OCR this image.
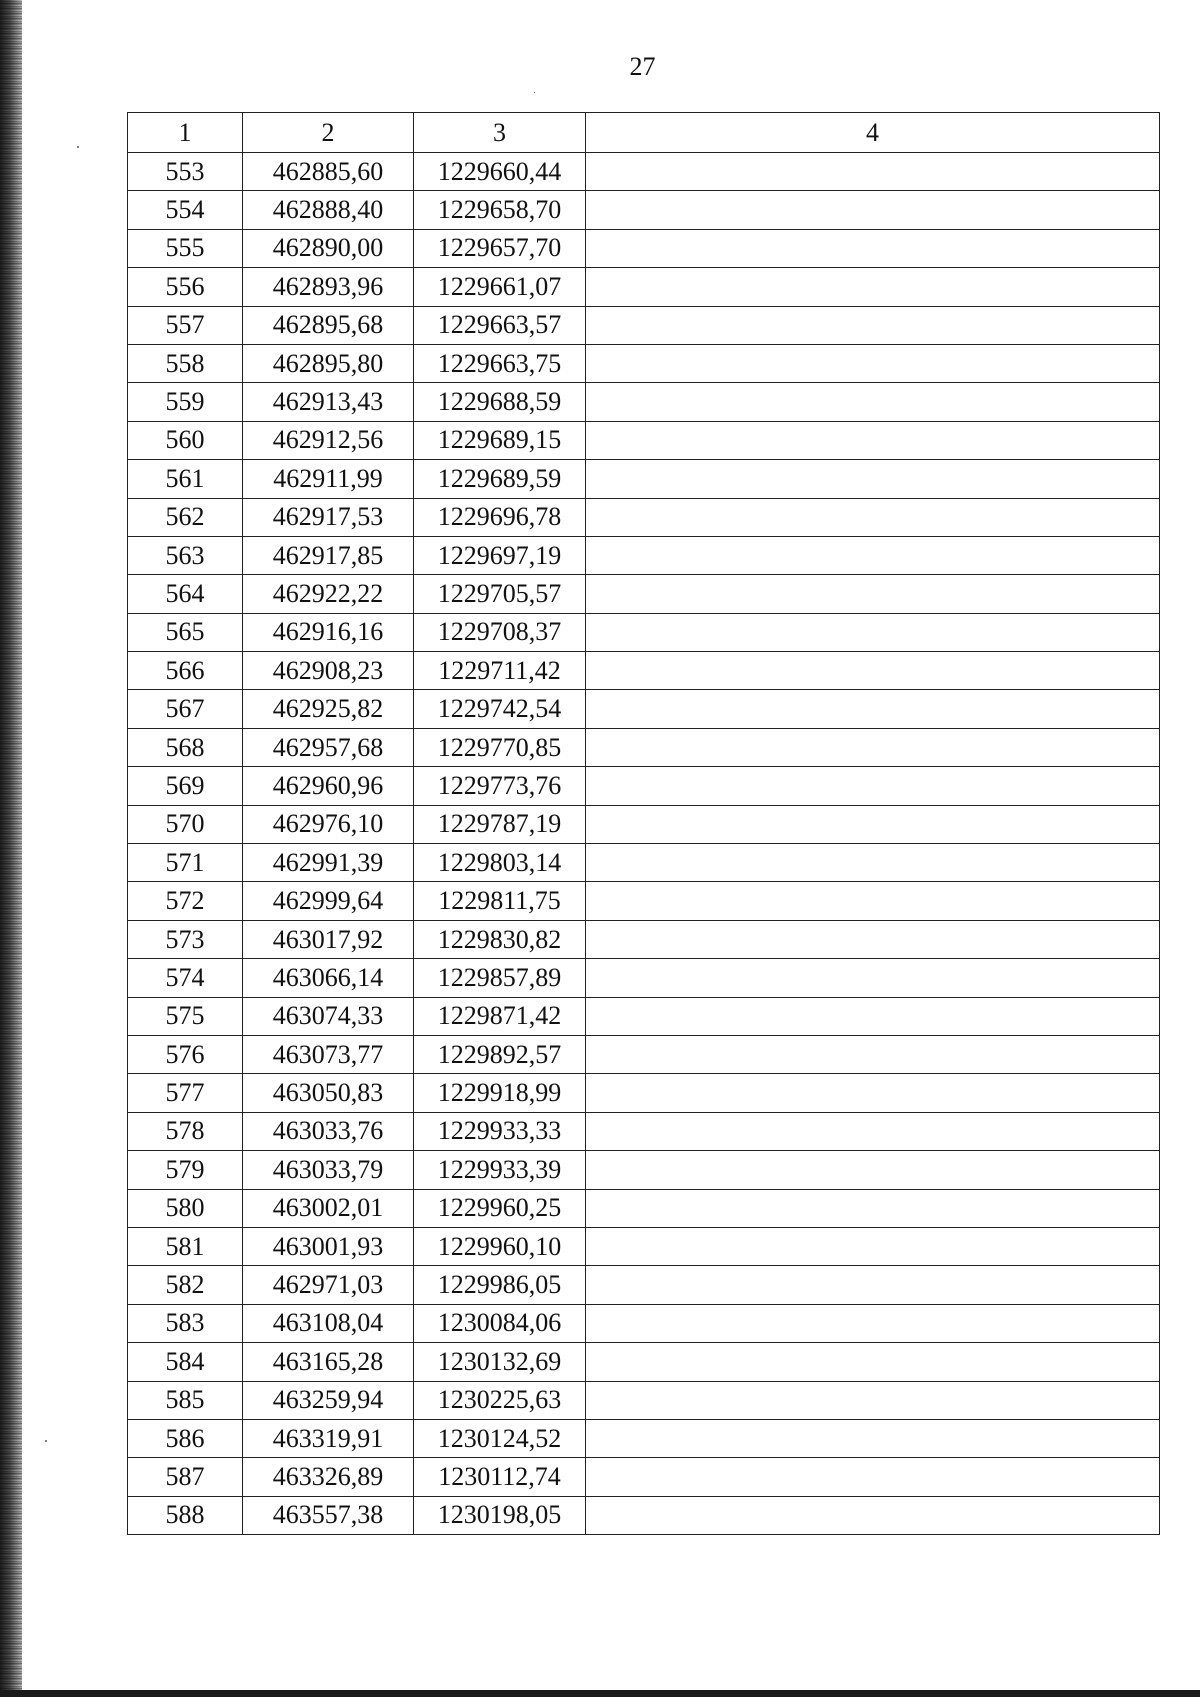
27
1	2	3	4
553	462885,60	1229660,44	
554	462888,40	1229658,70	
555	462890,00	1229657,70	
556	462893,96	1229661,07	
557	462895,68	1229663,57	
558	462895,80	1229663,75	
559	462913,43	1229688,59	
560	462912,56	1229689,15	
561	462911,99	1229689,59	
562	462917,53	1229696,78	
563	462917,85	1229697,19	
564	462922,22	1229705,57	
565	462916,16	1229708,37	
566	462908,23	1229711,42	
567	462925,82	1229742,54	
568	462957,68	1229770,85	
569	462960,96	1229773,76	
570	462976,10	1229787,19	
571	462991,39	1229803,14	
572	462999,64	1229811,75	
573	463017,92	1229830,82	
574	463066,14	1229857,89	
575	463074,33	1229871,42	
576	463073,77	1229892,57	
577	463050,83	1229918,99	
578	463033,76	1229933,33	
579	463033,79	1229933,39	
580	463002,01	1229960,25	
581	463001,93	1229960,10	
582	462971,03	1229986,05	
583	463108,04	1230084,06	
584	463165,28	1230132,69	
585	463259,94	1230225,63	
586	463319,91	1230124,52	
587	463326,89	1230112,74	
588	463557,38	1230198,05	
